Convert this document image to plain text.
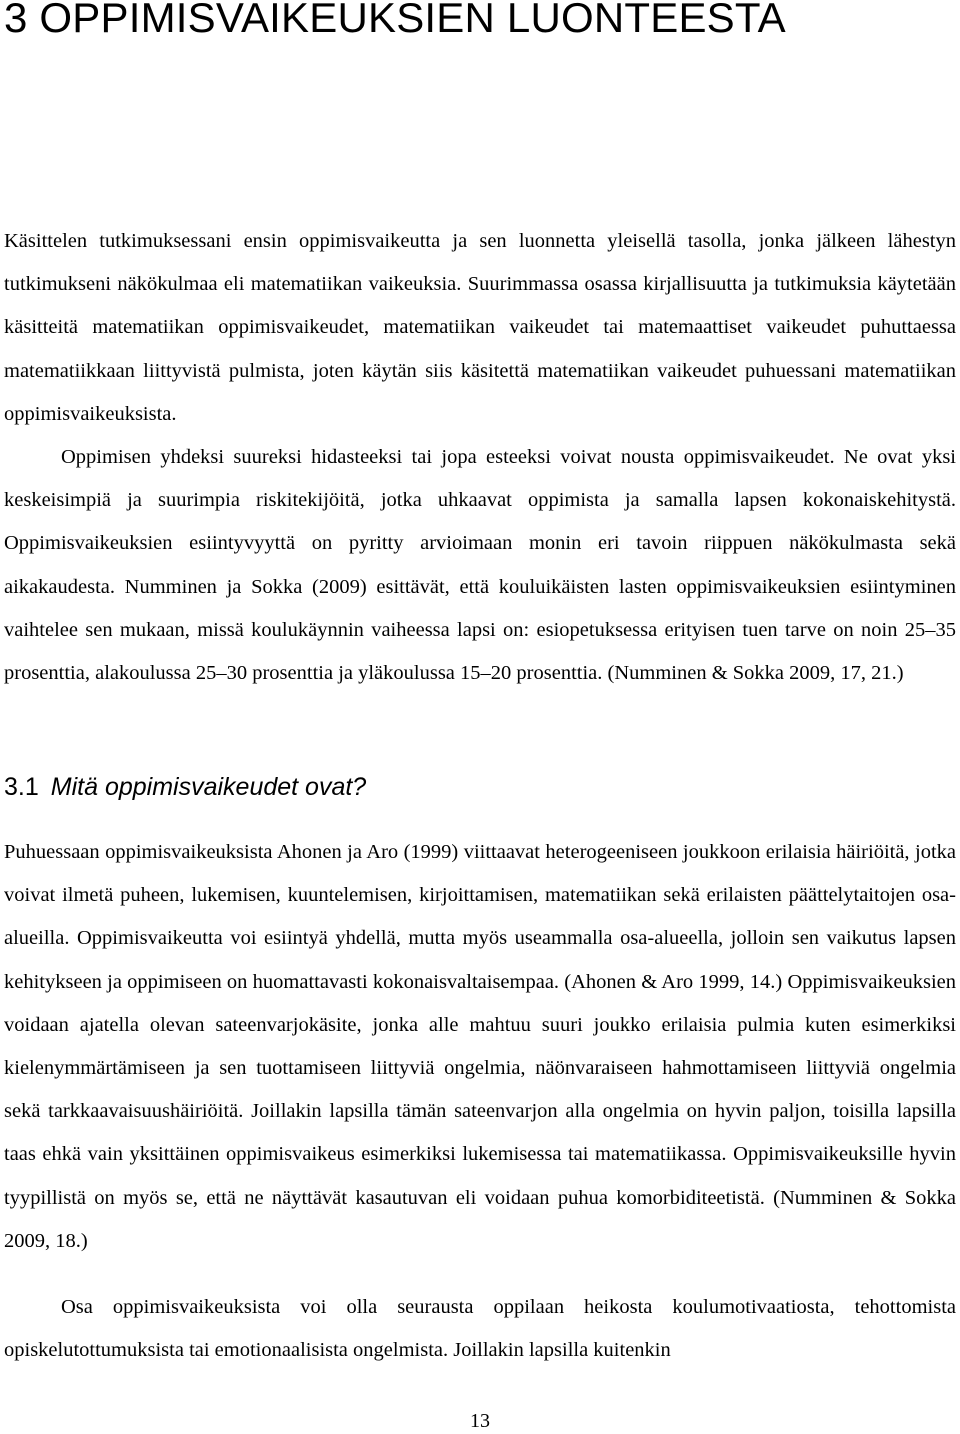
3 OPPIMISVAIKEUKSIEN LUONTEESTA

Käsittelen tutkimuksessani ensin oppimisvaikeutta ja sen luonnetta yleisellä tasolla, jonka jälkeen lähestyn tutkimukseni näkökulmaa eli matematiikan vaikeuksia. Suurimmassa osassa kirjallisuutta ja tutkimuksia käytetään käsitteitä matematiikan oppimisvaikeudet, matematiikan vaikeudet tai matemaattiset vaikeudet puhuttaessa matematiikkaan liittyvistä pulmista, joten käytän siis käsitettä matematiikan vaikeudet puhuessani matematiikan oppimisvaikeuksista.

Oppimisen yhdeksi suureksi hidasteeksi tai jopa esteeksi voivat nousta oppimisvaikeudet. Ne ovat yksi keskeisimpiä ja suurimpia riskitekijöitä, jotka uhkaavat oppimista ja samalla lapsen kokonaiskehitystä. Oppimisvaikeuksien esiintyvyyttä on pyritty arvioimaan monin eri tavoin riippuen näkökulmasta sekä aikakaudesta. Numminen ja Sokka (2009) esittävät, että kouluikäisten lasten oppimisvaikeuksien esiintyminen vaihtelee sen mukaan, missä koulukäynnin vaiheessa lapsi on: esiopetuksessa erityisen tuen tarve on noin 25–35 prosenttia, alakoulussa 25–30 prosenttia ja yläkoulussa 15–20 prosenttia. (Numminen & Sokka 2009, 17, 21.)

3.1 Mitä oppimisvaikeudet ovat?

Puhuessaan oppimisvaikeuksista Ahonen ja Aro (1999) viittaavat heterogeeniseen joukkoon erilaisia häiriöitä, jotka voivat ilmetä puheen, lukemisen, kuuntelemisen, kirjoittamisen, matematiikan sekä erilaisten päättelytaitojen osa-alueilla. Oppimisvaikeutta voi esiintyä yhdellä, mutta myös useammalla osa-alueella, jolloin sen vaikutus lapsen kehitykseen ja oppimiseen on huomattavasti kokonaisvaltaisempaa. (Ahonen & Aro 1999, 14.) Oppimisvaikeuksien voidaan ajatella olevan sateenvarjokäsite, jonka alle mahtuu suuri joukko erilaisia pulmia kuten esimerkiksi kielenymmärtämiseen ja sen tuottamiseen liittyviä ongelmia, näönvaraiseen hahmottamiseen liittyviä ongelmia sekä tarkkaavaisuushäiriöitä. Joillakin lapsilla tämän sateenvarjon alla ongelmia on hyvin paljon, toisilla lapsilla taas ehkä vain yksittäinen oppimisvaikeus esimerkiksi lukemisessa tai matematiikassa. Oppimisvaikeuksille hyvin tyypillistä on myös se, että ne näyttävät kasautuvan eli voidaan puhua komorbiditeetistä. (Numminen & Sokka 2009, 18.)

Osa oppimisvaikeuksista voi olla seurausta oppilaan heikosta koulumotivaatiosta, tehottomista opiskelutottumuksista tai emotionaalisista ongelmista. Joillakin lapsilla kuitenkin

13
